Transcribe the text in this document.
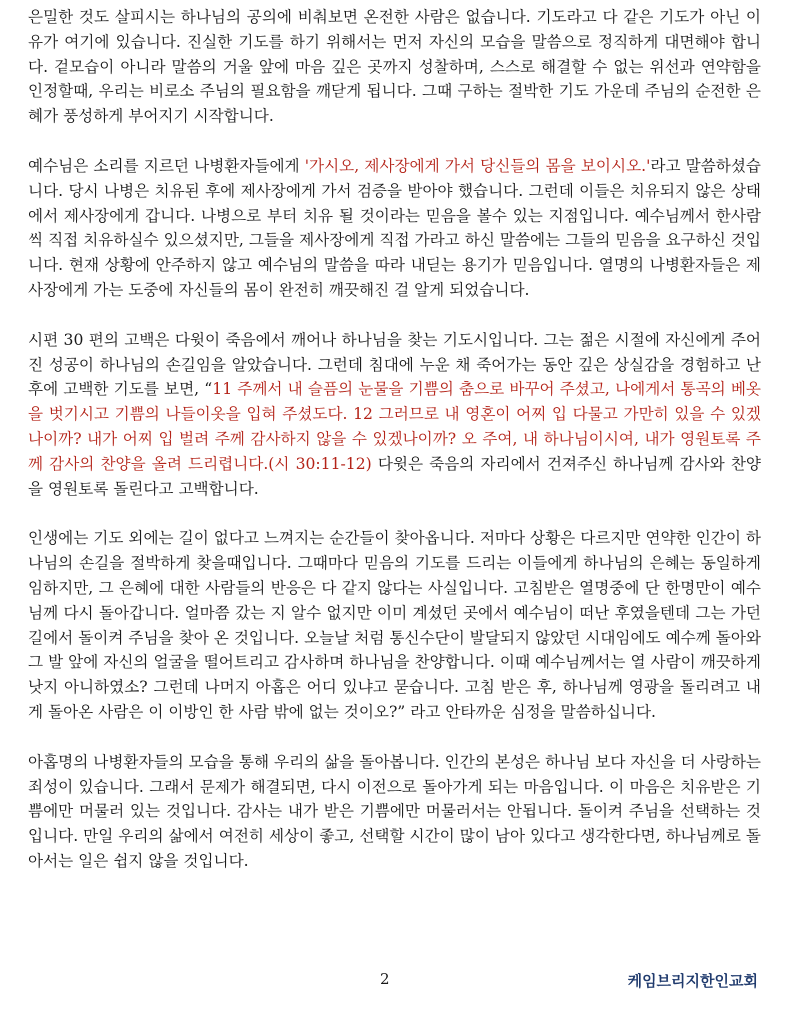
은밀한 것도 살피시는 하나님의 공의에 비춰보면 온전한 사람은 없습니다. 기도라고 다 같은 기도가 아닌 이유가 여기에 있습니다. 진실한 기도를 하기 위해서는 먼저 자신의 모습을 말씀으로 정직하게 대면해야 합니다. 겉모습이 아니라 말씀의 거울 앞에 마음 깊은 곳까지 성찰하며, 스스로 해결할 수 없는 위선과 연약함을 인정할때, 우리는 비로소 주님의 필요함을 깨닫게 됩니다. 그때 구하는 절박한 기도 가운데 주님의 순전한 은혜가 풍성하게 부어지기 시작합니다.

예수님은 소리를 지르던 나병환자들에게 '가시오, 제사장에게 가서 당신들의 몸을 보이시오.'라고 말씀하셨습니다. 당시 나병은 치유된 후에 제사장에게 가서 검증을 받아야 했습니다. 그런데 이들은 치유되지 않은 상태에서 제사장에게 갑니다. 나병으로 부터 치유 될 것이라는 믿음을 볼수 있는 지점입니다. 예수님께서 한사람씩 직접 치유하실수 있으셨지만, 그들을 제사장에게 직접 가라고 하신 말씀에는 그들의 믿음을 요구하신 것입니다. 현재 상황에 안주하지 않고 예수님의 말씀을 따라 내딛는 용기가 믿음입니다. 열명의 나병환자들은 제사장에게 가는 도중에 자신들의 몸이 완전히 깨끗해진 걸 알게 되었습니다.

시편 30 편의 고백은 다윗이 죽음에서 깨어나 하나님을 찾는 기도시입니다. 그는 젊은 시절에 자신에게 주어진 성공이 하나님의 손길임을 알았습니다. 그런데 침대에 누운 채 죽어가는 동안 깊은 상실감을 경험하고 난 후에 고백한 기도를 보면, “11 주께서 내 슬픔의 눈물을 기쁨의 춤으로 바꾸어 주셨고, 나에게서 통곡의 베옷을 벗기시고 기쁨의 나들이옷을 입혀 주셨도다. 12 그러므로 내 영혼이 어찌 입 다물고 가만히 있을 수 있겠나이까? 내가 어찌 입 벌려 주께 감사하지 않을 수 있겠나이까? 오 주여, 내 하나님이시여, 내가 영원토록 주께 감사의 찬양을 올려 드리렵니다.(시 30:11-12) 다윗은 죽음의 자리에서 건져주신 하나님께 감사와 찬양을 영원토록 돌린다고 고백합니다.

인생에는 기도 외에는 길이 없다고 느껴지는 순간들이 찾아옵니다. 저마다 상황은 다르지만 연약한 인간이 하나님의 손길을 절박하게 찾을때입니다. 그때마다 믿음의 기도를 드리는 이들에게 하나님의 은혜는 동일하게 임하지만, 그 은혜에 대한 사람들의 반응은 다 같지 않다는 사실입니다. 고침받은 열명중에 단 한명만이 예수님께 다시 돌아갑니다. 얼마쯤 갔는 지 알수 없지만 이미 계셨던 곳에서 예수님이 떠난 후였을텐데 그는 가던 길에서 돌이켜 주님을 찾아 온 것입니다. 오늘날 처럼 통신수단이 발달되지 않았던 시대임에도 예수께 돌아와 그 발 앞에 자신의 얼굴을 떨어트리고 감사하며 하나님을 찬양합니다. 이때 예수님께서는 열 사람이 깨끗하게 낫지 아니하였소? 그런데 나머지 아홉은 어디 있냐고 묻습니다. 고침 받은 후, 하나님께 영광을 돌리려고 내게 돌아온 사람은 이 이방인 한 사람 밖에 없는 것이오?” 라고 안타까운 심정을 말씀하십니다.

아홉명의 나병환자들의 모습을 통해 우리의 삶을 돌아봅니다. 인간의 본성은 하나님 보다 자신을 더 사랑하는 죄성이 있습니다. 그래서 문제가 해결되면, 다시 이전으로 돌아가게 되는 마음입니다. 이 마음은 치유받은 기쁨에만 머물러 있는 것입니다. 감사는 내가 받은 기쁨에만 머물러서는 안됩니다. 돌이켜 주님을 선택하는 것입니다. 만일 우리의 삶에서 여전히 세상이 좋고, 선택할 시간이 많이 남아 있다고 생각한다면, 하나님께로 돌아서는 일은 쉽지 않을 것입니다.

2	케임브리지한인교회
